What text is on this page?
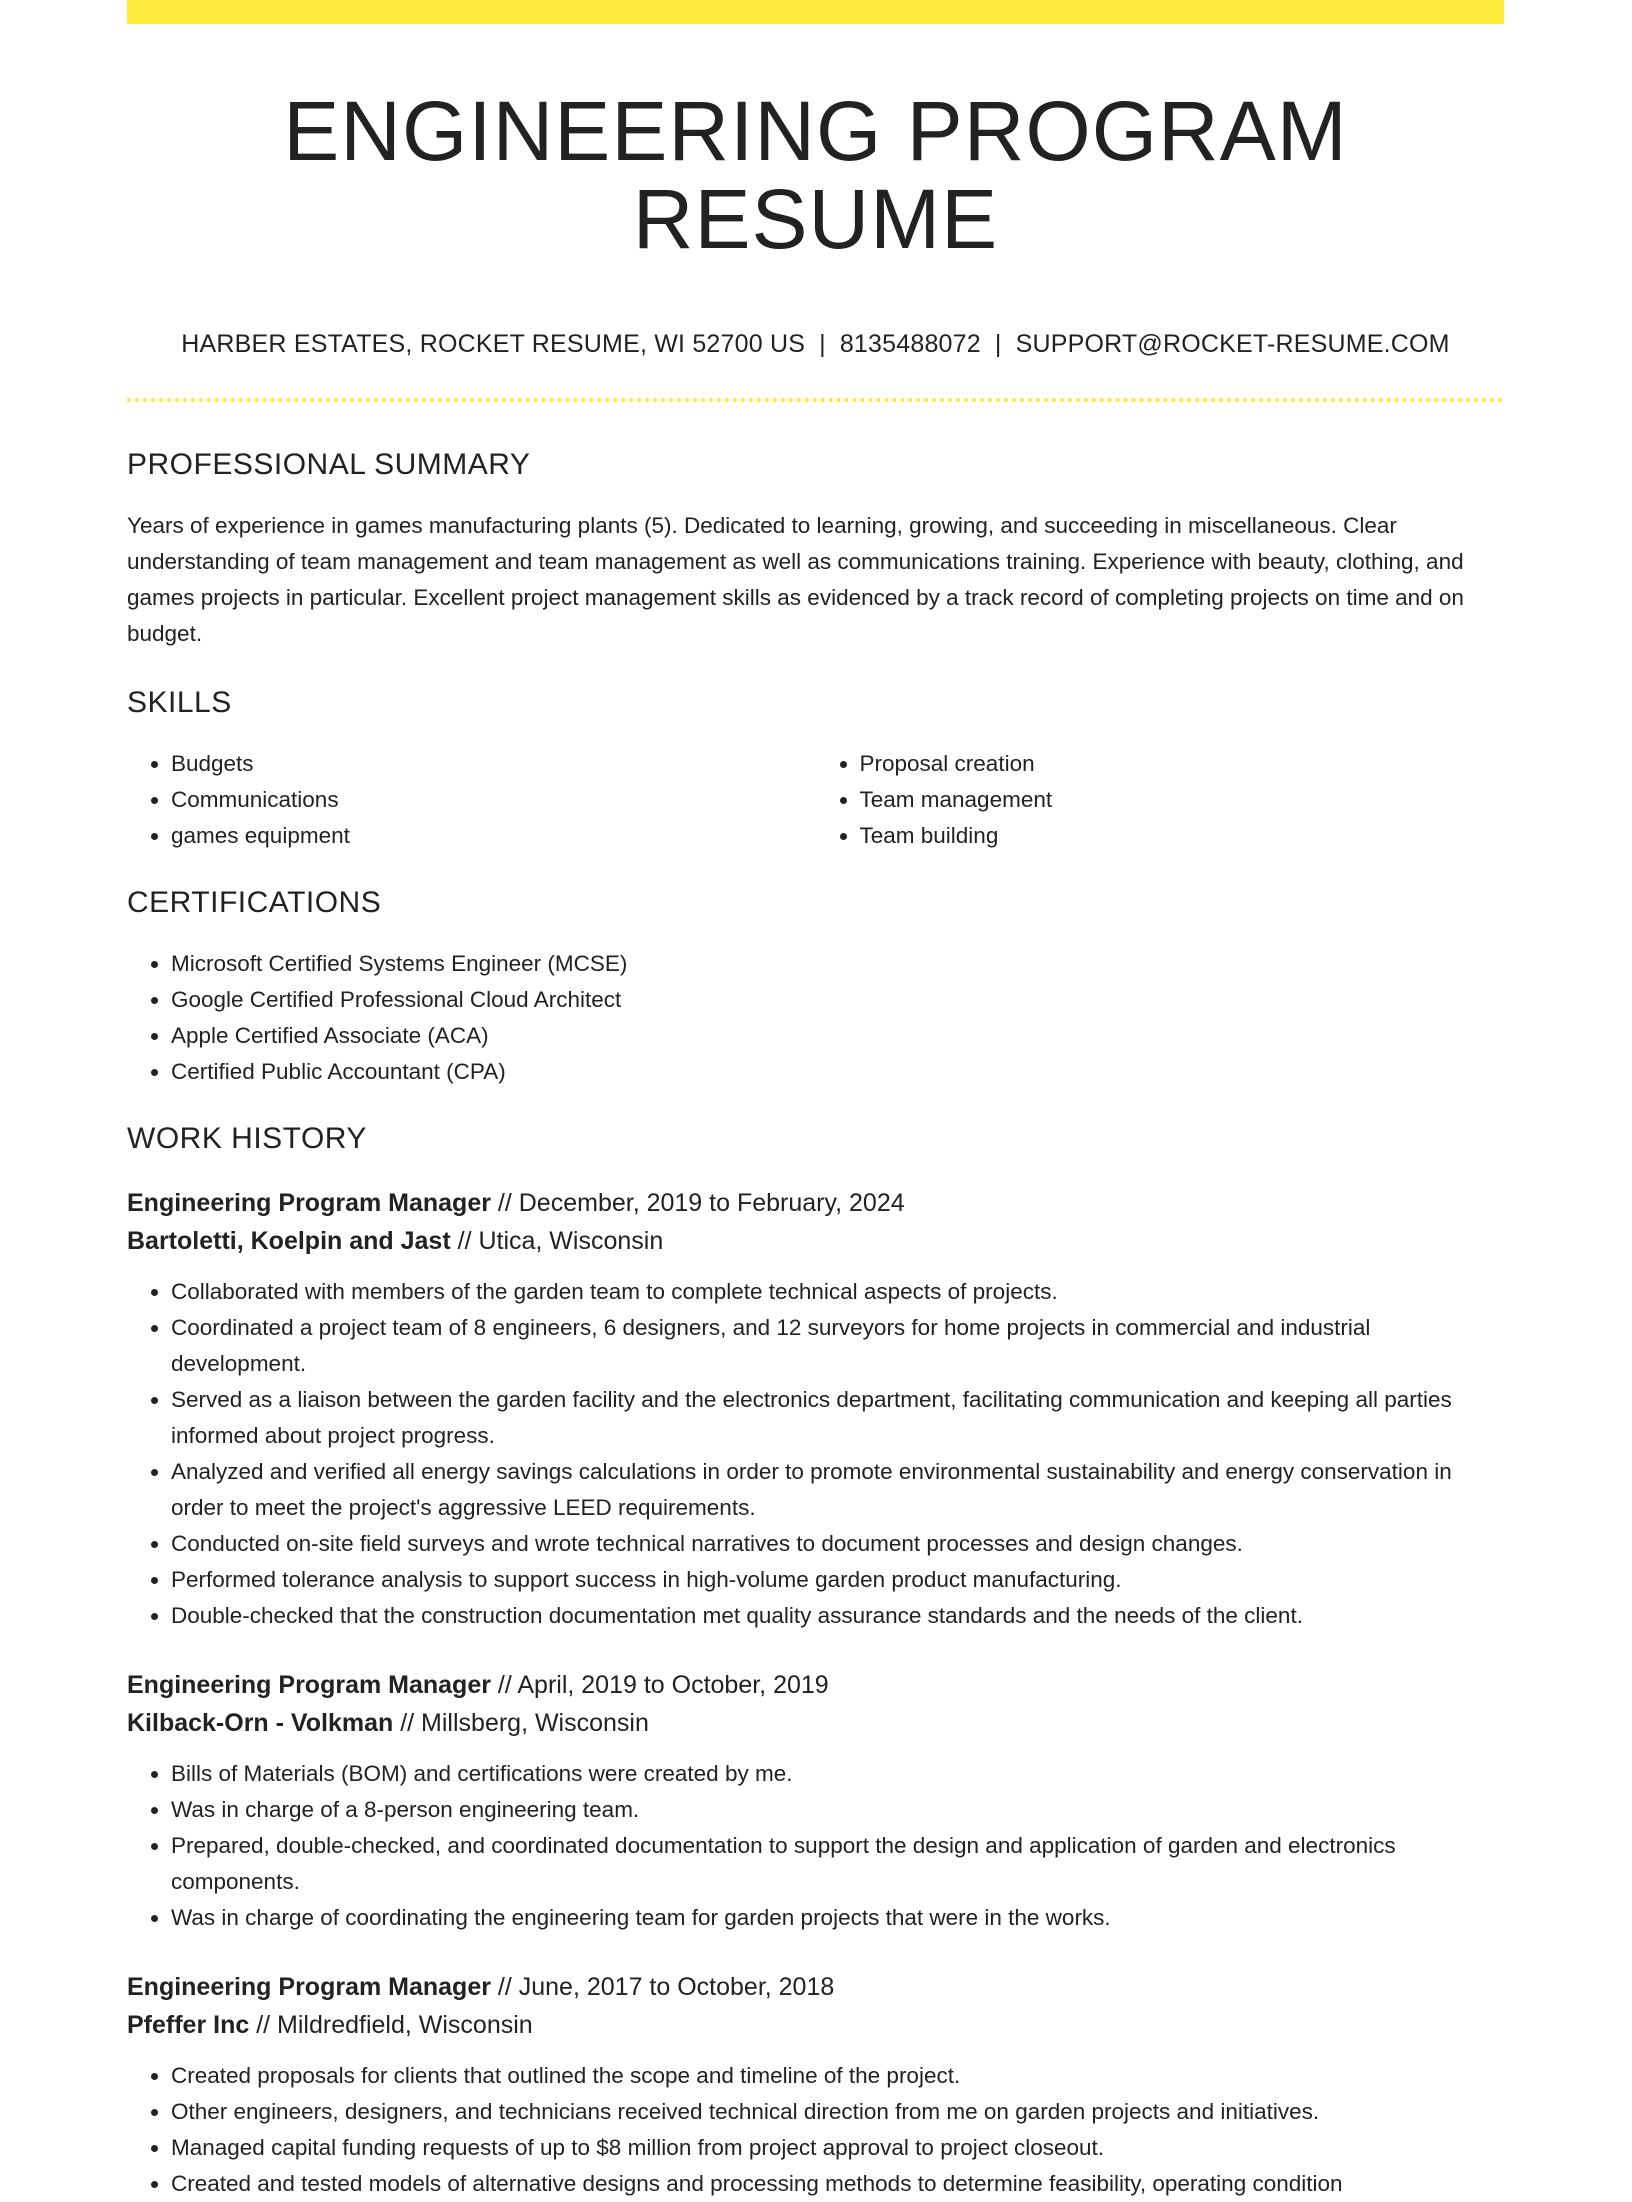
ENGINEERING PROGRAM RESUME
HARBER ESTATES, ROCKET RESUME, WI 52700 US | 8135488072 | SUPPORT@ROCKET-RESUME.COM
PROFESSIONAL SUMMARY

Years of experience in games manufacturing plants (5). Dedicated to learning, growing, and succeeding in miscellaneous. Clear understanding of team management and team management as well as communications training. Experience with beauty, clothing, and games projects in particular. Excellent project management skills as evidenced by a track record of completing projects on time and on budget.

SKILLS
• Budgets
• Communications
• games equipment
• Proposal creation
• Team management
• Team building
CERTIFICATIONS
• Microsoft Certified Systems Engineer (MCSE)
• Google Certified Professional Cloud Architect
• Apple Certified Associate (ACA)
• Certified Public Accountant (CPA)
WORK HISTORY
Engineering Program Manager // December, 2019 to February, 2024
Bartoletti, Koelpin and Jast // Utica, Wisconsin
• Collaborated with members of the garden team to complete technical aspects of projects.
• Coordinated a project team of 8 engineers, 6 designers, and 12 surveyors for home projects in commercial and industrial development.
• Served as a liaison between the garden facility and the electronics department, facilitating communication and keeping all parties informed about project progress.
• Analyzed and verified all energy savings calculations in order to promote environmental sustainability and energy conservation in order to meet the project's aggressive LEED requirements.
• Conducted on-site field surveys and wrote technical narratives to document processes and design changes.
• Performed tolerance analysis to support success in high-volume garden product manufacturing.
• Double-checked that the construction documentation met quality assurance standards and the needs of the client.
Engineering Program Manager // April, 2019 to October, 2019
Kilback-Orn - Volkman // Millsberg, Wisconsin
• Bills of Materials (BOM) and certifications were created by me.
• Was in charge of a 8-person engineering team.
• Prepared, double-checked, and coordinated documentation to support the design and application of garden and electronics components.
• Was in charge of coordinating the engineering team for garden projects that were in the works.
Engineering Program Manager // June, 2017 to October, 2018
Pfeffer Inc // Mildredfield, Wisconsin
• Created proposals for clients that outlined the scope and timeline of the project.
• Other engineers, designers, and technicians received technical direction from me on garden projects and initiatives.
• Managed capital funding requests of up to $8 million from project approval to project closeout.
• Created and tested models of alternative designs and processing methods to determine feasibility, operating condition
